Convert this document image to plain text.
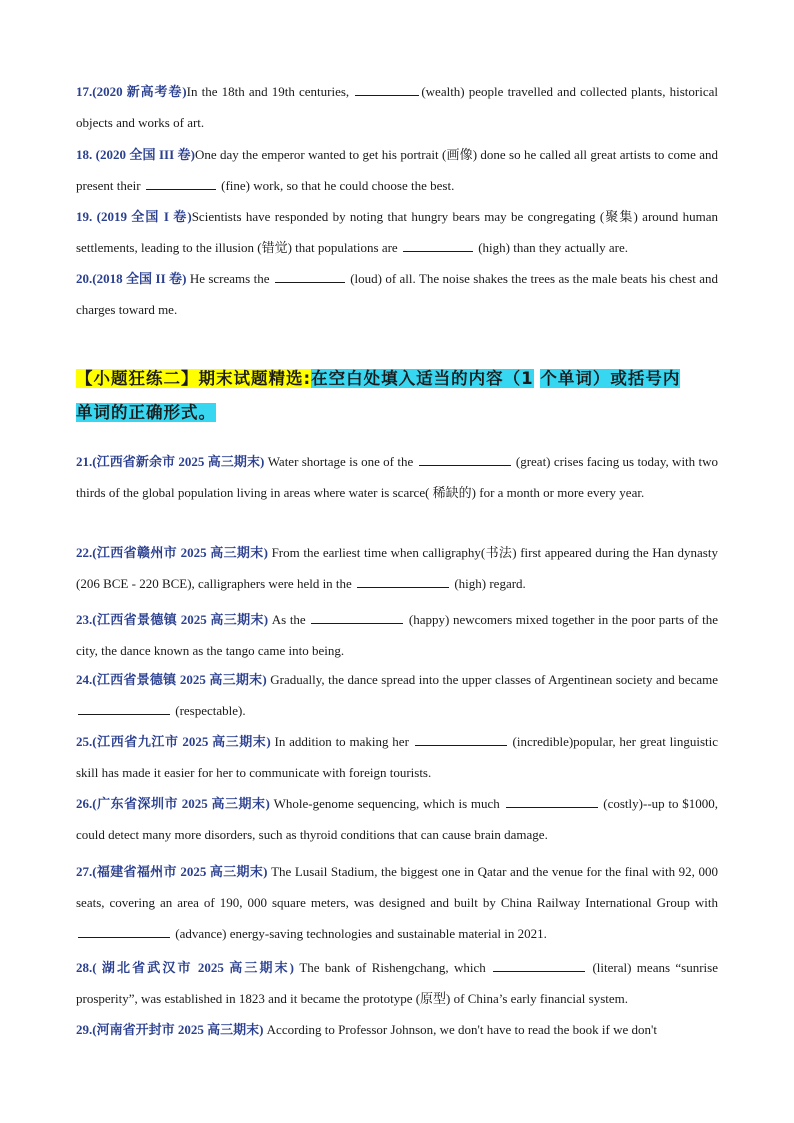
17.(2020 新高考卷)In the 18th and 19th centuries,	(wealth) people travelled and collected plants, historical objects and works of art.
18. (2020 全国 III 卷)One day the emperor wanted to get his portrait (画像) done so he called all great artists to come and present their	(fine) work, so that he could choose the best.
19. (2019 全国 I 卷)Scientists have responded by noting that hungry bears may be congregating (聚集) around human settlements, leading to the illusion (错觉) that populations are	(high) than they actually are.
20.(2018 全国 II 卷) He screams the	(loud) of all. The noise shakes the trees as the male beats his chest and charges toward me.
【小题狂练二】期末试题精选:在空白处填入适当的内容（1 个单词）或括号内
单词的正确形式。
21.(江西省新余市 2025 高三期末) Water shortage is one of the	(great) crises facing us today, with two thirds of the global population living in areas where water is scarce( 稀缺的) for a month or more every year.
22.(江西省赣州市 2025 高三期末) From the earliest time when calligraphy(书法) first appeared during the Han dynasty (206 BCE - 220 BCE), calligraphers were held in the	(high) regard.
23.(江西省景德镇 2025 高三期末) As the	(happy) newcomers mixed together in the poor parts of the city, the dance known as the tango came into being.
24.(江西省景德镇 2025 高三期末) Gradually, the dance spread into the upper classes of Argentinean society and became  (respectable).
25.(江西省九江市 2025 高三期末) In addition to making her	(incredible)popular, her great linguistic skill has made it easier for her to communicate with foreign tourists.
26.(广东省深圳市 2025 高三期末) Whole-genome sequencing, which is much	(costly)--up to $1000, could detect many more disorders, such as thyroid conditions that can cause brain damage.
27.(福建省福州市 2025 高三期末) The Lusail Stadium, the biggest one in Qatar and the venue for the final with 92, 000 seats, covering an area of 190, 000 square meters, was designed and built by China Railway International Group with  (advance) energy-saving technologies and sustainable material in 2021.
28.( 湖北省武汉市 2025 高三期末) The bank of Rishengchang, which	(literal) means “sunrise prosperity”, was established in 1823 and it became the prototype (原型) of China’s early financial system.
29.(河南省开封市 2025 高三期末) According to Professor Johnson, we don't have to read the book if we don't
